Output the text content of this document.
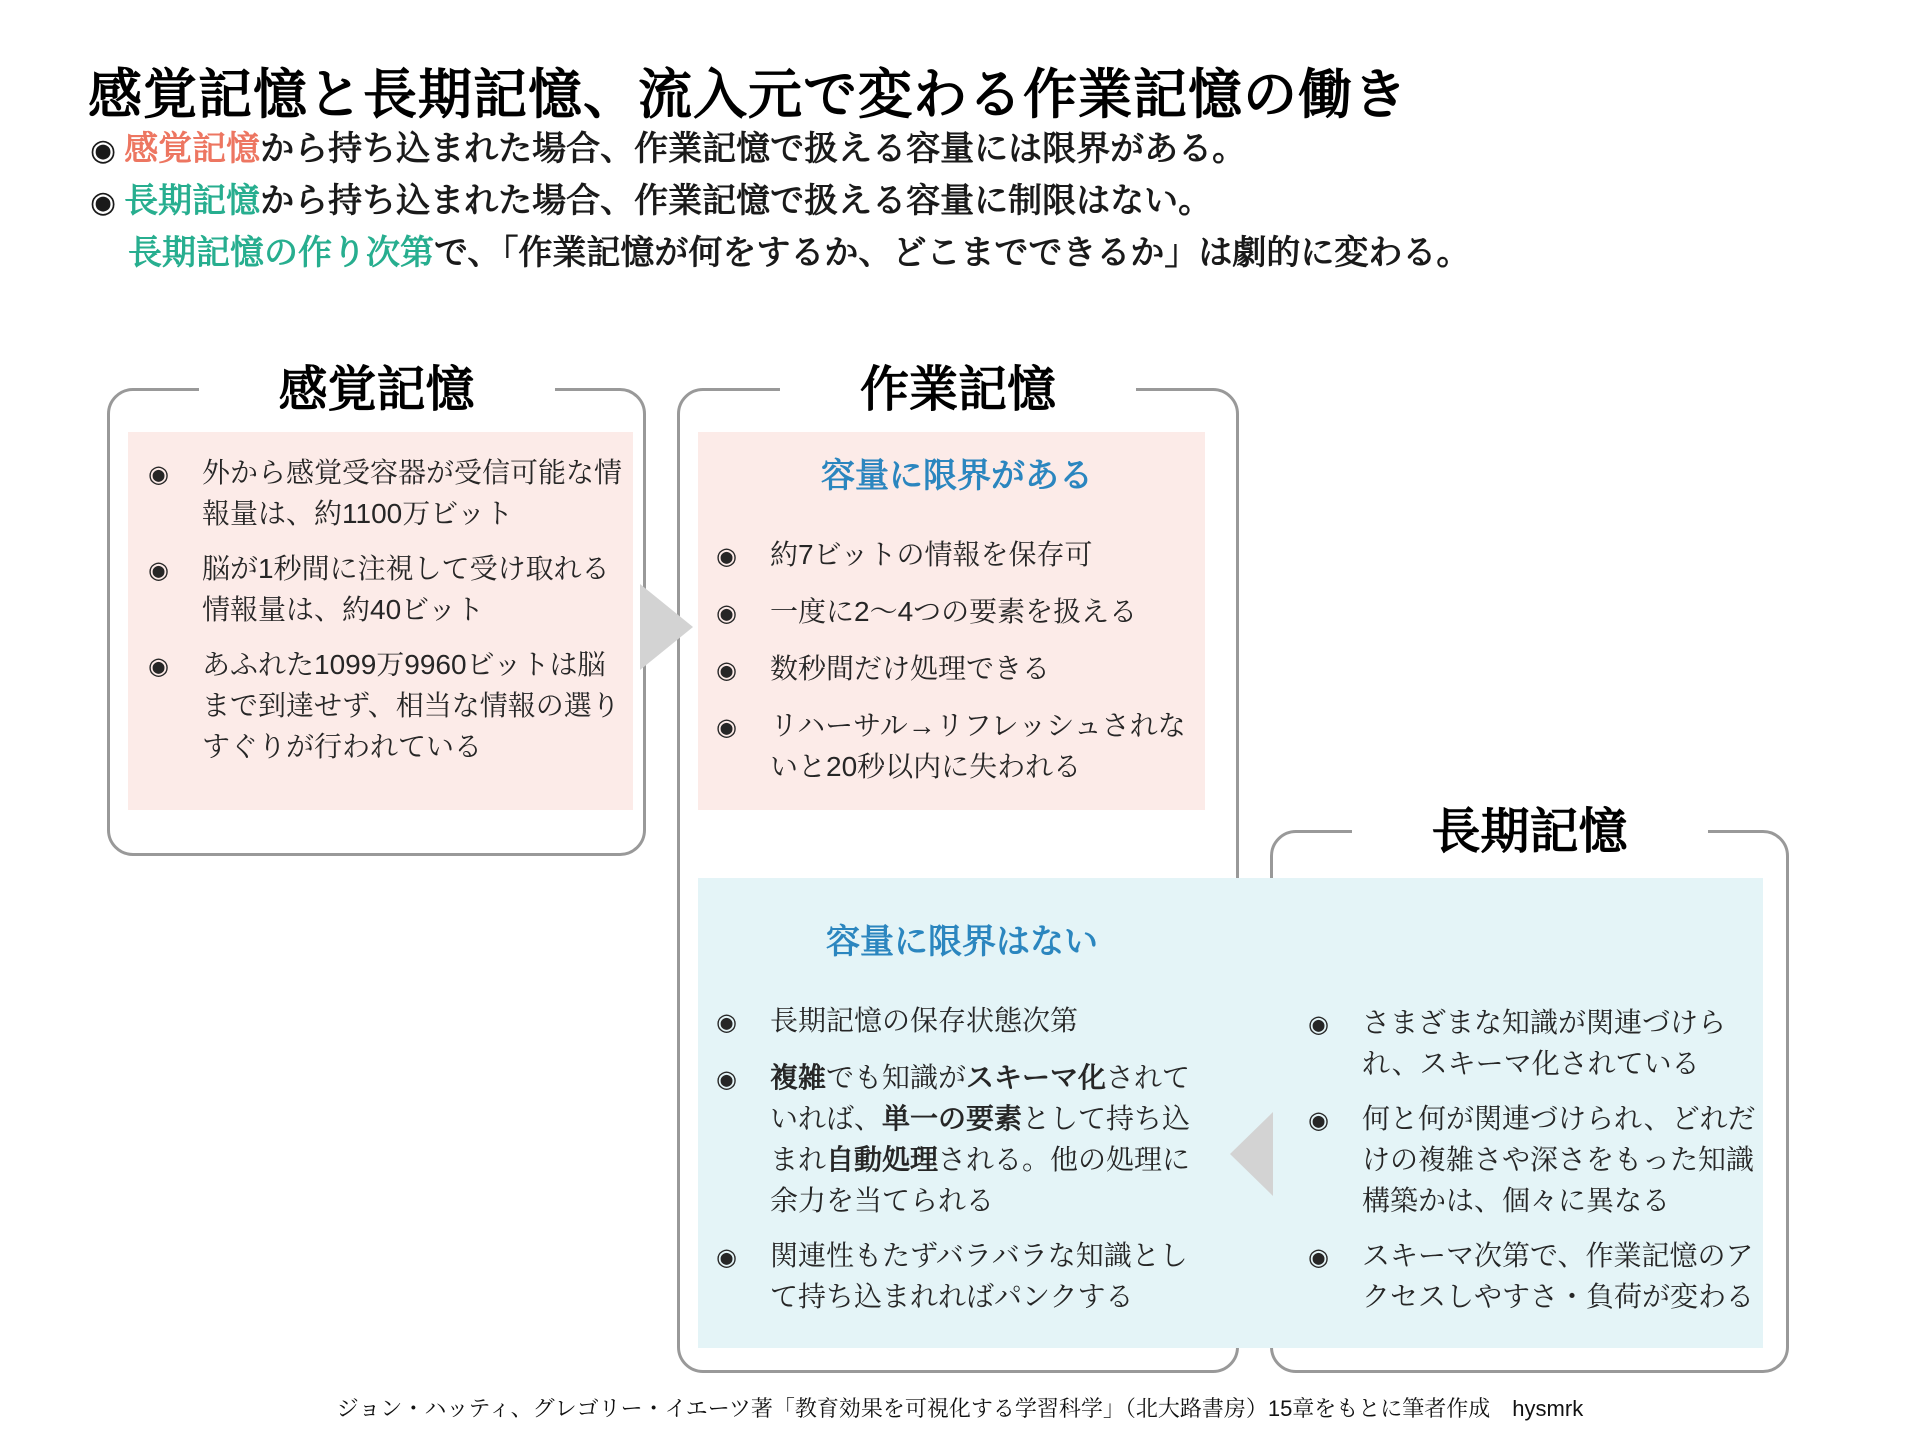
感覚記憶と長期記憶、流入元で変わる作業記憶の働き
◉ 感覚記憶から持ち込まれた場合、作業記憶で扱える容量には限界がある。
◉ 長期記憶から持ち込まれた場合、作業記憶で扱える容量に制限はない。
長期記憶の作り次第で、「作業記憶が何をするか、どこまでできるか」は劇的に変わる。
感覚記憶	作業記憶
長期記憶
◉	外から感覚受容器が受信可能な情報量は、約1100万ビット
◉	脳が1秒間に注視して受け取れる情報量は、約40ビット
◉	あふれた1099万9960ビットは脳まで到達せず、相当な情報の選りすぐりが行われている
容量に限界がある
◉	約7ビットの情報を保存可
◉	一度に2〜4つの要素を扱える
◉	数秒間だけ処理できる
◉	リハーサル→リフレッシュされないと20秒以内に失われる
容量に限界はない
◉	長期記憶の保存状態次第
◉	複雑でも知識がスキーマ化されていれば、単一の要素として持ち込まれ自動処理される。他の処理に余力を当てられる
◉	関連性もたずバラバラな知識として持ち込まれればパンクする
◉	さまざまな知識が関連づけられ、スキーマ化されている
◉	何と何が関連づけられ、どれだけの複雑さや深さをもった知識構築かは、個々に異なる
◉	スキーマ次第で、作業記憶のアクセスしやすさ・負荷が変わる
ジョン・ハッティ、グレゴリー・イエーツ著「教育効果を可視化する学習科学」（北大路書房）15章をもとに筆者作成　hysmrk
